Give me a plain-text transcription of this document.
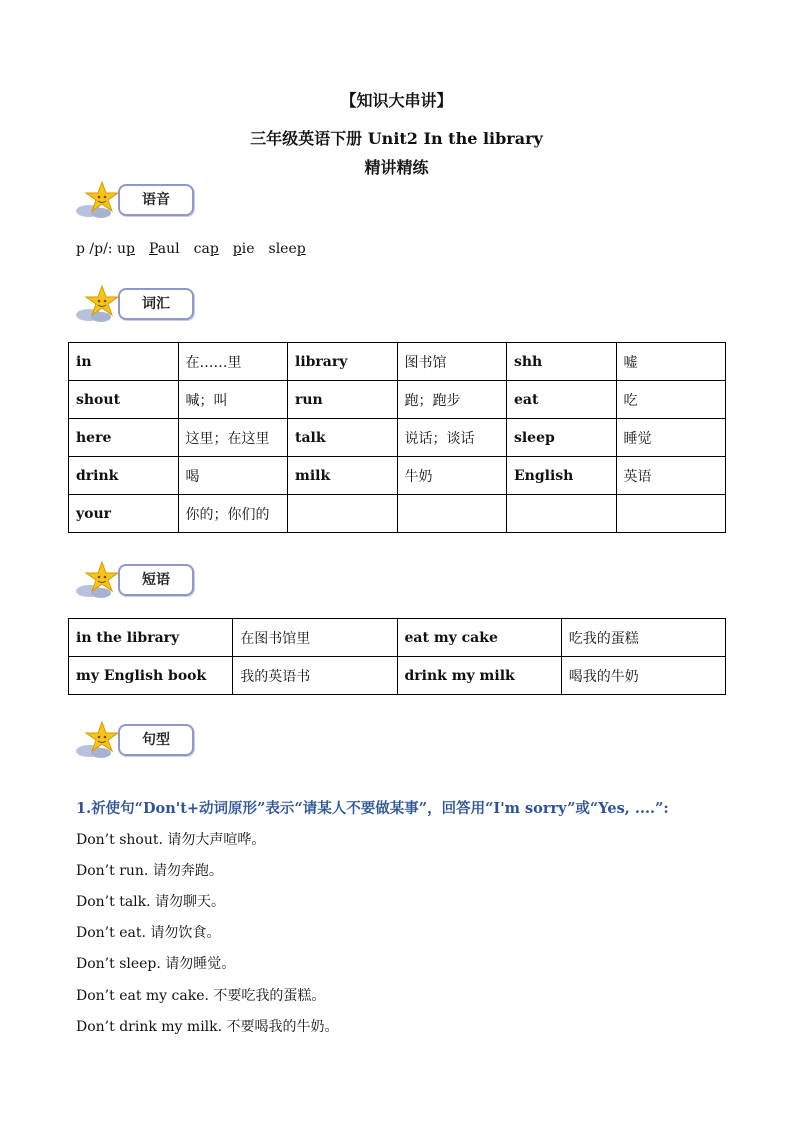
【知识大串讲】
三年级英语下册 Unit2 In the library
精讲精练
语音
p /p/: up Paul cap pie sleep
词汇
in	在……里	library	图书馆	shh	嘘
shout	喊；叫	run	跑；跑步	eat	吃
here	这里；在这里	talk	说话；谈话	sleep	睡觉
drink	喝	milk	牛奶	English	英语
your	你的；你们的				
短语
in the library	在图书馆里	eat my cake	吃我的蛋糕
my English book	我的英语书	drink my milk	喝我的牛奶
句型
1.祈使句“Don't+动词原形”表示“请某人不要做某事”，回答用“I'm sorry”或“Yes, ....”:
Don’t shout. 请勿大声喧哗。
Don’t run. 请勿奔跑。
Don’t talk. 请勿聊天。
Don’t eat. 请勿饮食。
Don’t sleep. 请勿睡觉。
Don’t eat my cake. 不要吃我的蛋糕。
Don’t drink my milk. 不要喝我的牛奶。
